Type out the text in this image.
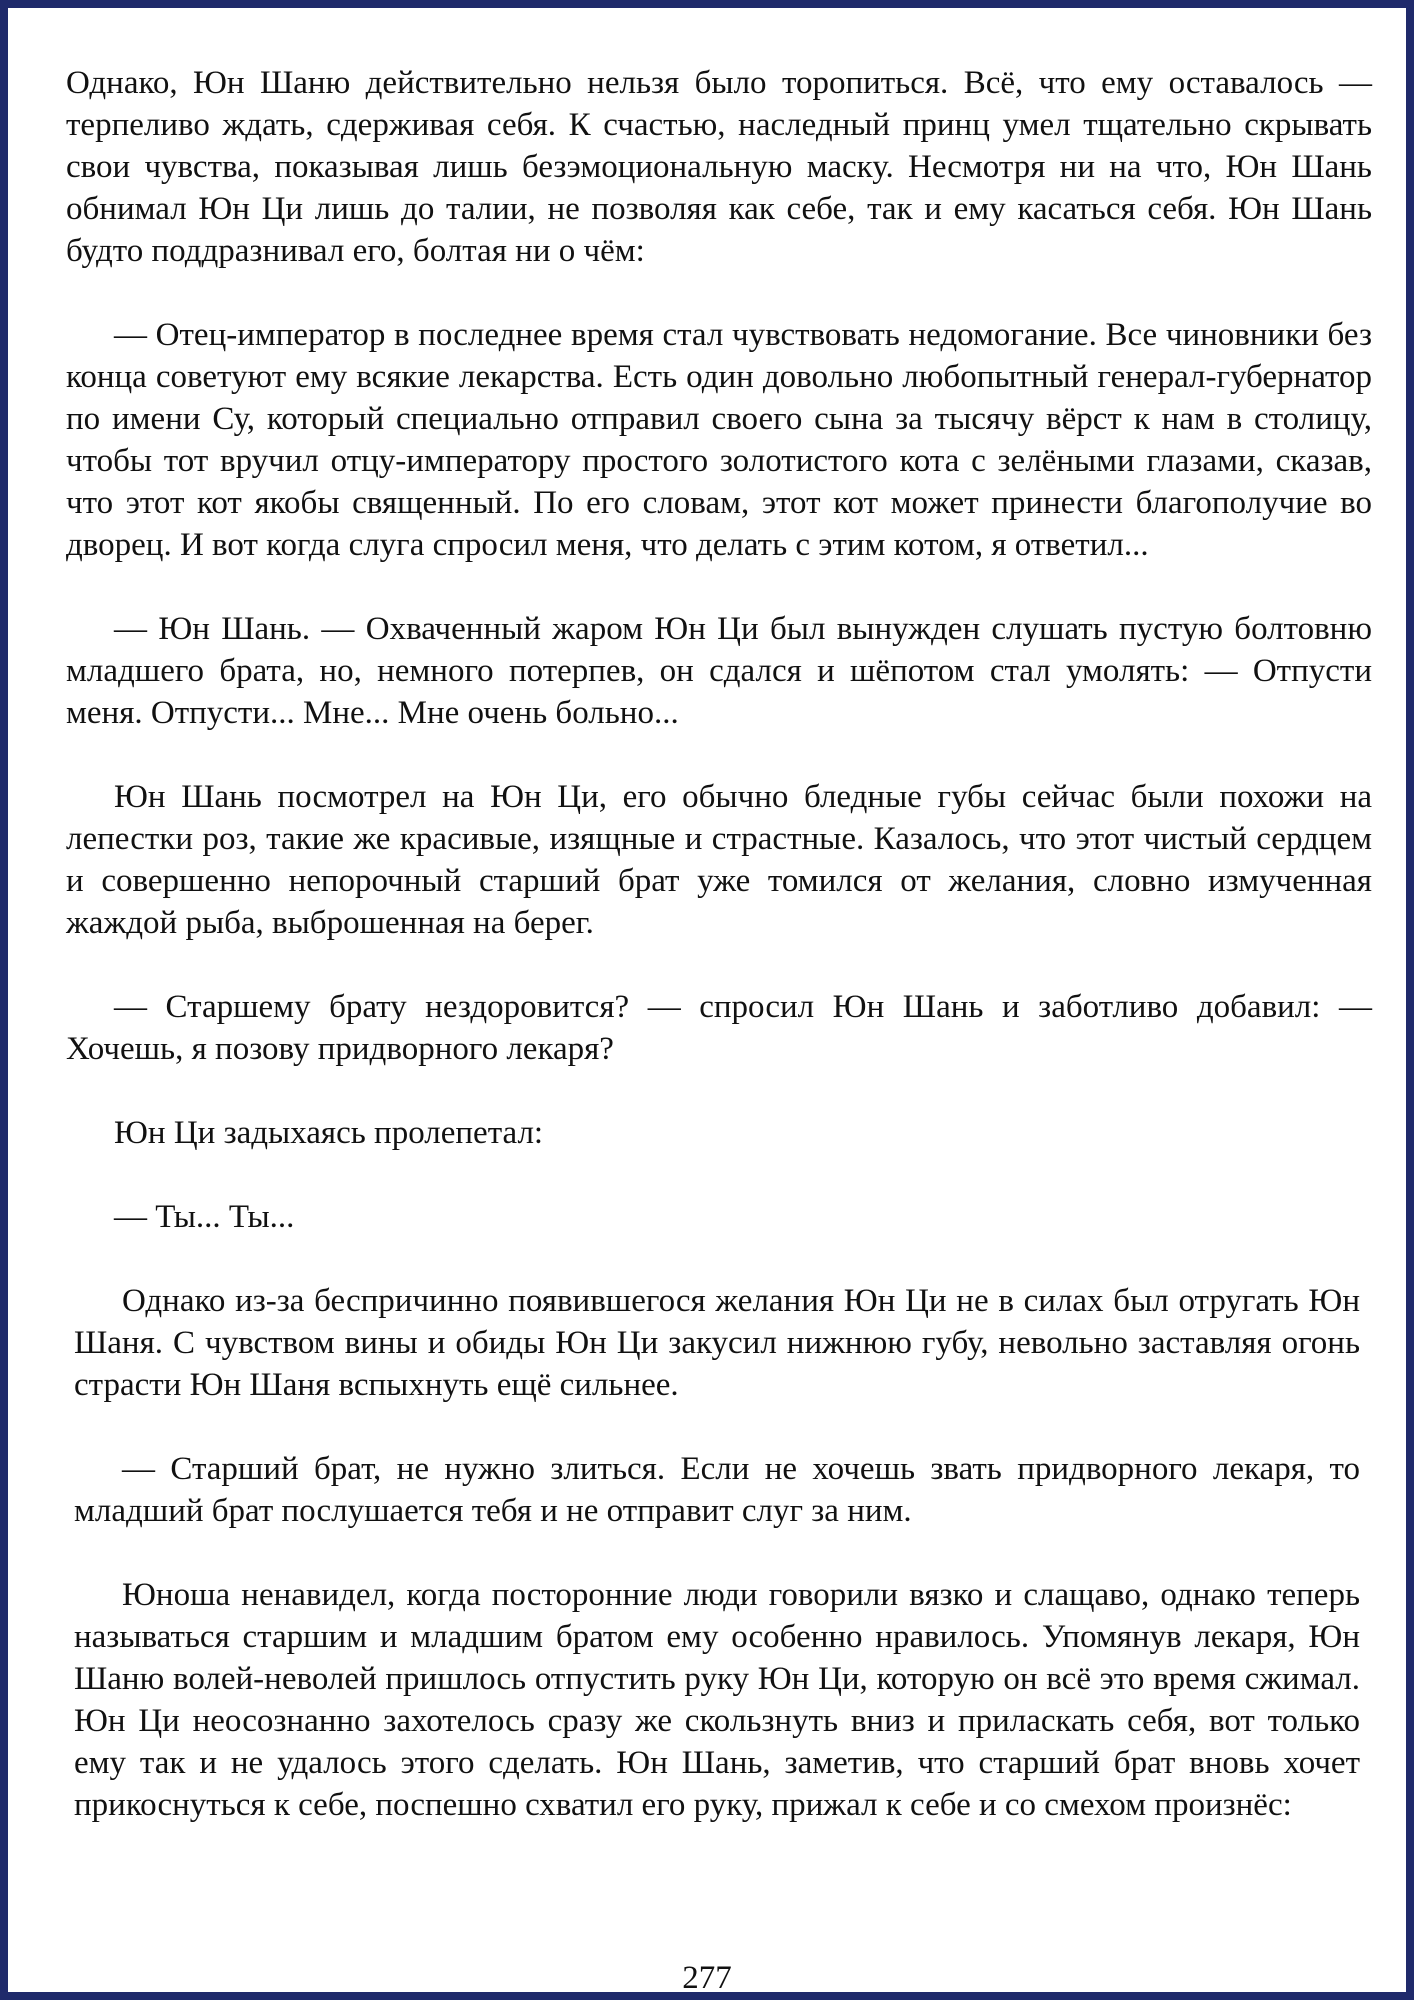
Однако, Юн Шаню действительно нельзя было торопиться. Всё, что ему оставалось — терпеливо ждать, сдерживая себя. К счастью, наследный принц умел тщательно скрывать свои чувства, показывая лишь безэмоциональную маску. Несмотря ни на что, Юн Шань обнимал Юн Ци лишь до талии, не позволяя как себе, так и ему касаться себя. Юн Шань будто поддразнивал его, болтая ни о чём:

— Отец-император в последнее время стал чувствовать недомогание. Все чиновники без конца советуют ему всякие лекарства. Есть один довольно любопытный генерал-губернатор по имени Су, который специально отправил своего сына за тысячу вёрст к нам в столицу, чтобы тот вручил отцу-императору простого золотистого кота с зелёными глазами, сказав, что этот кот якобы священный. По его словам, этот кот может принести благополучие во дворец. И вот когда слуга спросил меня, что делать с этим котом, я ответил...

— Юн Шань. — Охваченный жаром Юн Ци был вынужден слушать пустую болтовню младшего брата, но, немного потерпев, он сдался и шёпотом стал умолять: — Отпусти меня. Отпусти... Мне... Мне очень больно...

Юн Шань посмотрел на Юн Ци, его обычно бледные губы сейчас были похожи на лепестки роз, такие же красивые, изящные и страстные. Казалось, что этот чистый сердцем и совершенно непорочный старший брат уже томился от желания, словно измученная жаждой рыба, выброшенная на берег.

— Старшему брату нездоровится? — спросил Юн Шань и заботливо добавил: — Хочешь, я позову придворного лекаря?

Юн Ци задыхаясь пролепетал:

— Ты... Ты...

Однако из-за беспричинно появившегося желания Юн Ци не в силах был отругать Юн Шаня. С чувством вины и обиды Юн Ци закусил нижнюю губу, невольно заставляя огонь страсти Юн Шаня вспыхнуть ещё сильнее.

— Старший брат, не нужно злиться. Если не хочешь звать придворного лекаря, то младший брат послушается тебя и не отправит слуг за ним.

Юноша ненавидел, когда посторонние люди говорили вязко и слащаво, однако теперь называться старшим и младшим братом ему особенно нравилось. Упомянув лекаря, Юн Шаню волей-неволей пришлось отпустить руку Юн Ци, которую он всё это время сжимал. Юн Ци неосознанно захотелось сразу же скользнуть вниз и приласкать себя, вот только ему так и не удалось этого сделать. Юн Шань, заметив, что старший брат вновь хочет прикоснуться к себе, поспешно схватил его руку, прижал к себе и со смехом произнёс:

277
